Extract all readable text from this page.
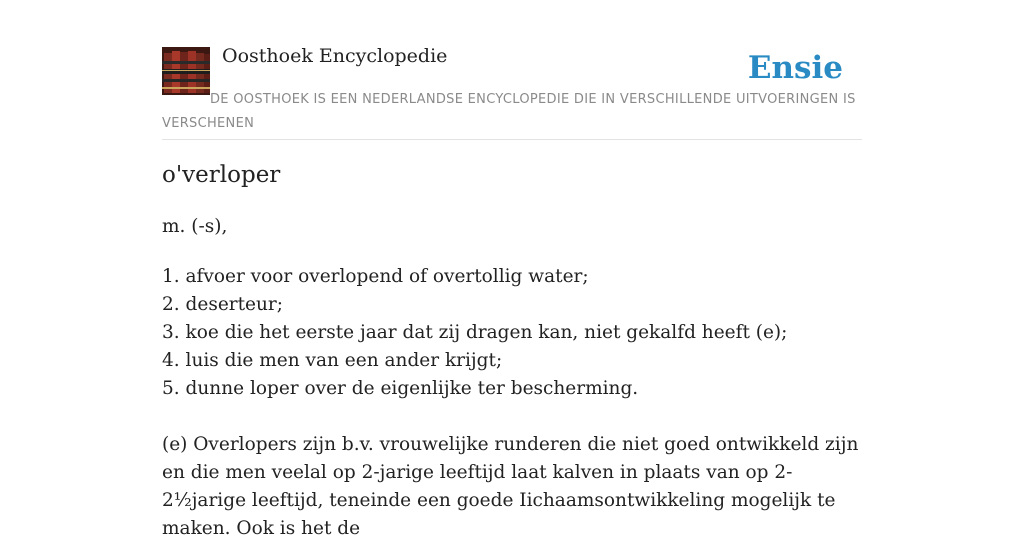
Oosthoek Encyclopedie	Ensie
DE OOSTHOEK IS EEN NEDERLANDSE ENCYCLOPEDIE DIE IN VERSCHILLENDE UITVOERINGEN IS VERSCHENEN
o'verloper

m. (-s),

1. afvoer voor overlopend of overtollig water;
2. deserteur;
3. koe die het eerste jaar dat zij dragen kan, niet gekalfd heeft (e);
4. luis die men van een ander krijgt;
5. dunne loper over de eigenlijke ter bescherming.

(e) Overlopers zijn b.v. vrouwelijke runderen die niet goed ontwikkeld zijn en die men veelal op 2-jarige leeftijd laat kalven in plaats van op 2-2½jarige leeftijd, teneinde een goede Iichaamsontwikkeling mogelijk te maken. Ook is het de
